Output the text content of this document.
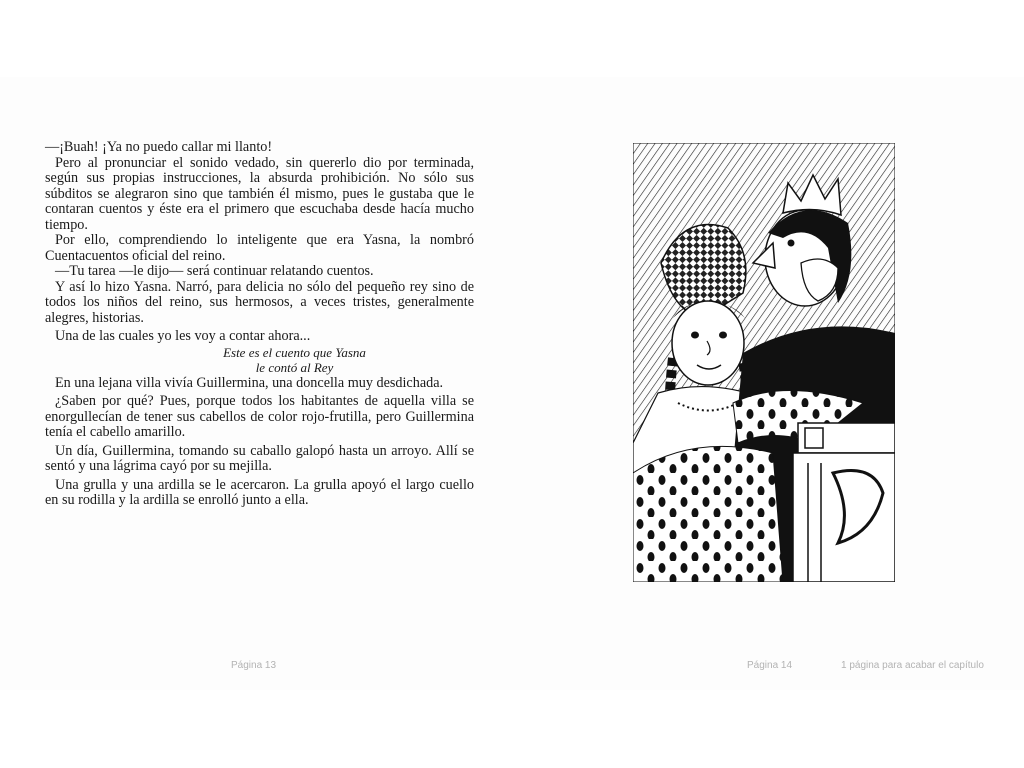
—¡Buah! ¡Ya no puedo callar mi llanto!

Pero al pronunciar el sonido vedado, sin quererlo dio por terminada, según sus propias instrucciones, la absurda prohibición. No sólo sus súbditos se alegraron sino que también él mismo, pues le gustaba que le contaran cuentos y éste era el primero que escuchaba desde hacía mucho tiempo.

Por ello, comprendiendo lo inteligente que era Yasna, la nombró Cuentacuentos oficial del reino.

—Tu tarea —le dijo— será continuar relatando cuentos.

Y así lo hizo Yasna. Narró, para delicia no sólo del pequeño rey sino de todos los niños del reino, sus hermosos, a veces tristes, generalmente alegres, historias.

Una de las cuales yo les voy a contar ahora...

Este es el cuento que Yasna

le contó al Rey

En una lejana villa vivía Guillermina, una doncella muy desdichada.

¿Saben por qué? Pues, porque todos los habitantes de aquella villa se enorgullecían de tener sus cabellos de color rojo-frutilla, pero Guillermina tenía el cabello amarillo.

Un día, Guillermina, tomando su caballo galopó hasta un arroyo. Allí se sentó y una lágrima cayó por su mejilla.

Una grulla y una ardilla se le acercaron. La grulla apoyó el largo cuello en su rodilla y la ardilla se enrolló junto a ella.

Página 13	Página 14	1 página para acabar el capítulo
